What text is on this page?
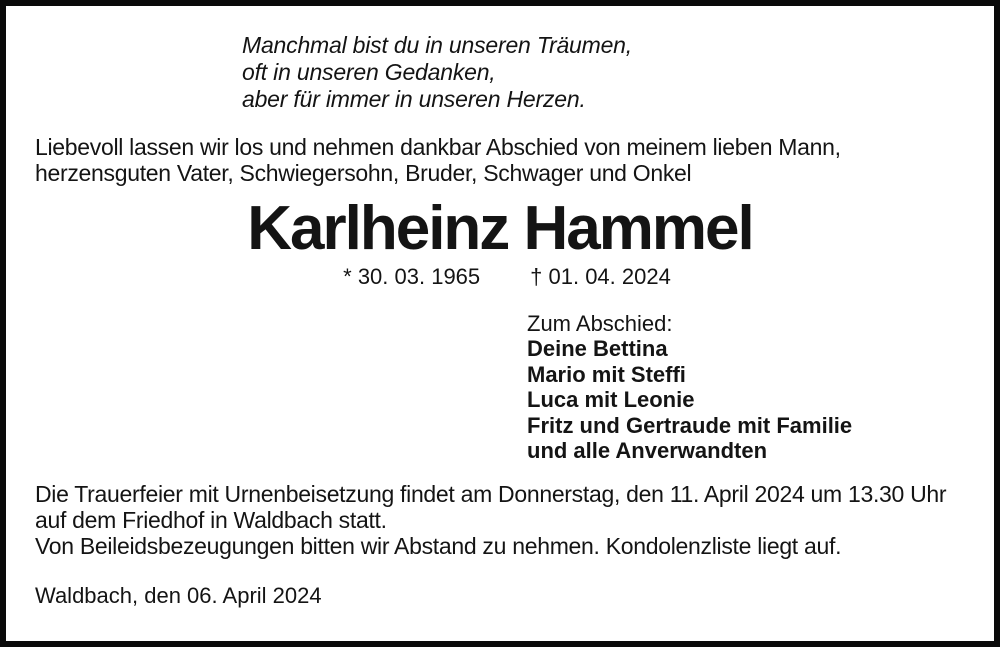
Manchmal bist du in unseren Träumen,
oft in unseren Gedanken,
aber für immer in unseren Herzen.
Liebevoll lassen wir los und nehmen dankbar Abschied von meinem lieben Mann,
herzensguten Vater, Schwiegersohn, Bruder, Schwager und Onkel
Karlheinz Hammel
* 30. 03. 1965 † 01. 04. 2024
Zum Abschied:
Deine Bettina
Mario mit Steffi
Luca mit Leonie
Fritz und Gertraude mit Familie
und alle Anverwandten
Die Trauerfeier mit Urnenbeisetzung findet am Donnerstag, den 11. April 2024 um 13.30 Uhr
auf dem Friedhof in Waldbach statt.
Von Beileidsbezeugungen bitten wir Abstand zu nehmen. Kondolenzliste liegt auf.
Waldbach, den 06. April 2024
